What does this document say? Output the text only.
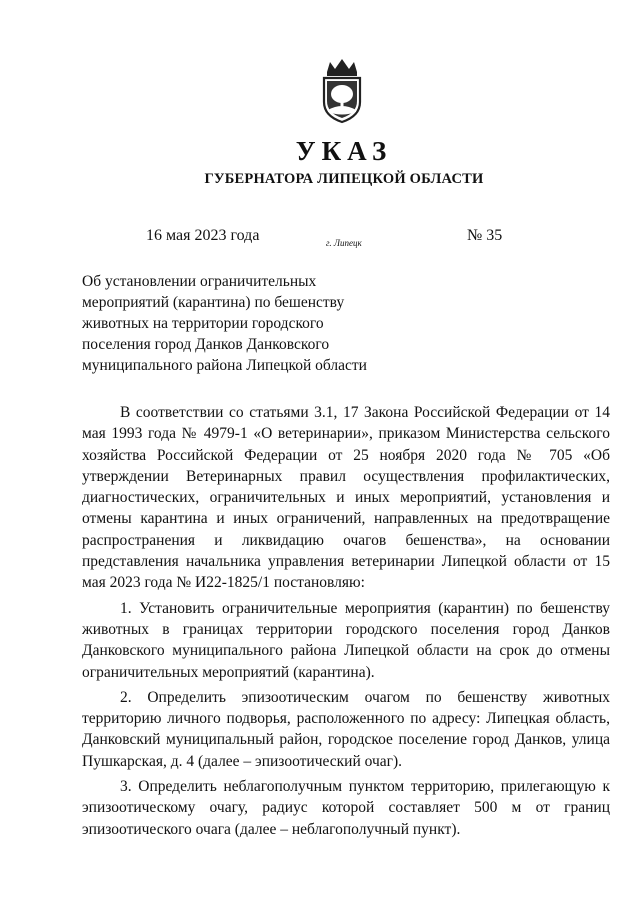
УКАЗ
ГУБЕРНАТОРА ЛИПЕЦКОЙ ОБЛАСТИ
16 мая 2023 года	г. Липецк	№ 35
Об установлении ограничительных
мероприятий (карантина) по бешенству
животных на территории городского
поселения город Данков Данковского
муниципального района Липецкой области

В соответствии со статьями 3.1, 17 Закона Российской Федерации от 14 мая 1993 года № 4979-1 «О ветеринарии», приказом Министерства сельского хозяйства Российской Федерации от 25 ноября 2020 года № 705 «Об утверждении Ветеринарных правил осуществления профилактических, диагностических, ограничительных и иных мероприятий, установления и отмены карантина и иных ограничений, направленных на предотвращение распространения и ликвидацию очагов бешенства», на основании представления начальника управления ветеринарии Липецкой области от 15 мая 2023 года № И22-1825/1 постановляю:

1. Установить ограничительные мероприятия (карантин) по бешенству животных в границах территории городского поселения город Данков Данковского муниципального района Липецкой области на срок до отмены ограничительных мероприятий (карантина).

2. Определить эпизоотическим очагом по бешенству животных территорию личного подворья, расположенного по адресу: Липецкая область, Данковский муниципальный район, городское поселение город Данков, улица Пушкарская, д. 4 (далее – эпизоотический очаг).

3. Определить неблагополучным пунктом территорию, прилегающую к эпизоотическому очагу, радиус которой составляет 500 м от границ эпизоотического очага (далее – неблагополучный пункт).
